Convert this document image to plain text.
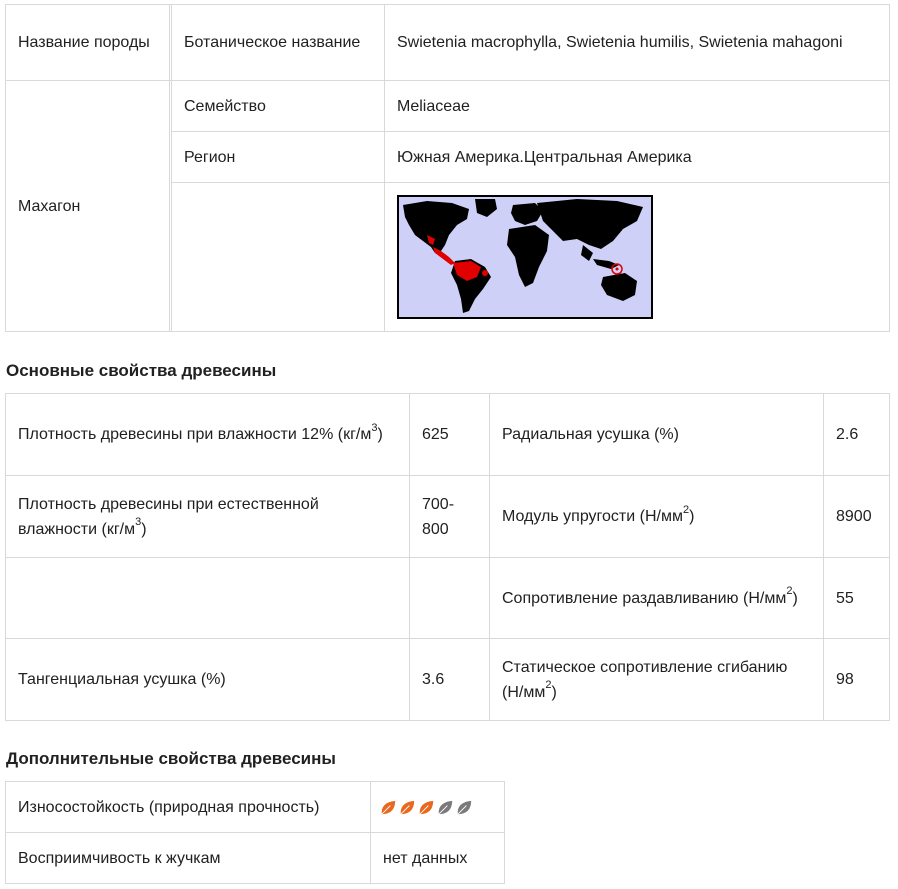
Название породы		Ботаническое название	Swietenia macrophylla, Swietenia humilis, Swietenia mahagoni
Махагон		Семейство	Meliaceae
		Регион	Южная Америка.Центральная Америка

Основные свойства древесины
Плотность древесины при влажности 12% $(кг/м^3)$	625	Радиальная усушка (%)	2.6
Плотность древесины при естественной влажности $(кг/м^3)$	700-800	Модуль упругости $(Н/мм^2)$	8900
		Сопротивление раздавливанию $(Н/мм^2)$	55
Тангенциальная усушка (%)	3.6	Статическое сопротивление сгибанию $(Н/мм^2)$	98
Дополнительные свойства древесины
Износостойкость (природная прочность)	
Восприимчивость к жучкам	нет данных
